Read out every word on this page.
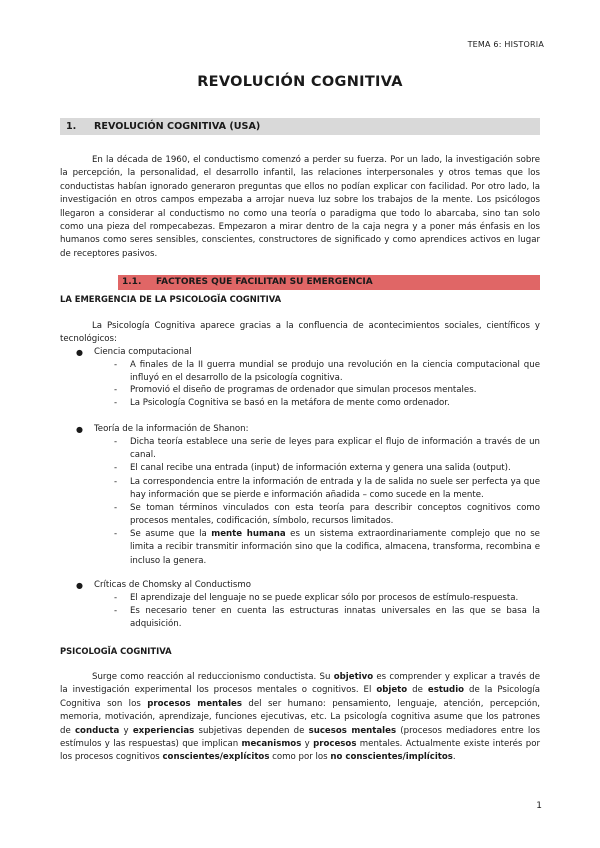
TEMA 6: HISTORIA
REVOLUCIÓN COGNITIVA
1. REVOLUCIÓN COGNITIVA (USA)

En la década de 1960, el conductismo comenzó a perder su fuerza. Por un lado, la investigación sobre la percepción, la personalidad, el desarrollo infantil, las relaciones interpersonales y otros temas que los conductistas habían ignorado generaron preguntas que ellos no podían explicar con facilidad. Por otro lado, la investigación en otros campos empezaba a arrojar nueva luz sobre los trabajos de la mente. Los psicólogos llegaron a considerar al conductismo no como una teoría o paradigma que todo lo abarcaba, sino tan solo como una pieza del rompecabezas. Empezaron a mirar dentro de la caja negra y a poner más énfasis en los humanos como seres sensibles, conscientes, constructores de significado y como aprendices activos en lugar de receptores pasivos.

1.1. FACTORES QUE FACILITAN SU EMERGENCIA
LA EMERGENCIA DE LA PSICOLOGĬA COGNITIVA

La Psicología Cognitiva aparece gracias a la confluencia de acontecimientos sociales, científicos y tecnológicos:

● Ciencia computacional
- A finales de la II guerra mundial se produjo una revolución en la ciencia computacional que influyó en el desarrollo de la psicología cognitiva.
- Promovió el diseño de programas de ordenador que simulan procesos mentales.
- La Psicología Cognitiva se basó en la metáfora de mente como ordenador.
● Teoría de la información de Shanon:
- Dicha teoría establece una serie de leyes para explicar el flujo de información a través de un canal.
- El canal recibe una entrada (input) de información externa y genera una salida (output).
- La correspondencia entre la información de entrada y la de salida no suele ser perfecta ya que hay información que se pierde e información añadida – como sucede en la mente.
- Se toman términos vinculados con esta teoría para describir conceptos cognitivos como procesos mentales, codificación, símbolo, recursos limitados.
- Se asume que la mente humana es un sistema extraordinariamente complejo que no se limita a recibir transmitir información sino que la codifica, almacena, transforma, recombina e incluso la genera.
● Críticas de Chomsky al Conductismo
- El aprendizaje del lenguaje no se puede explicar sólo por procesos de estímulo-respuesta.
- Es necesario tener en cuenta las estructuras innatas universales en las que se basa la adquisición.
PSICOLOGĬA COGNITIVA

Surge como reacción al reduccionismo conductista. Su objetivo es comprender y explicar a través de la investigación experimental los procesos mentales o cognitivos. El objeto de estudio de la Psicología Cognitiva son los procesos mentales del ser humano: pensamiento, lenguaje, atención, percepción, memoria, motivación, aprendizaje, funciones ejecutivas, etc. La psicología cognitiva asume que los patrones de conducta y experiencias subjetivas dependen de sucesos mentales (procesos mediadores entre los estímulos y las respuestas) que implican mecanismos y procesos mentales. Actualmente existe interés por los procesos cognitivos conscientes/explícitos como por los no conscientes/implícitos.

1
